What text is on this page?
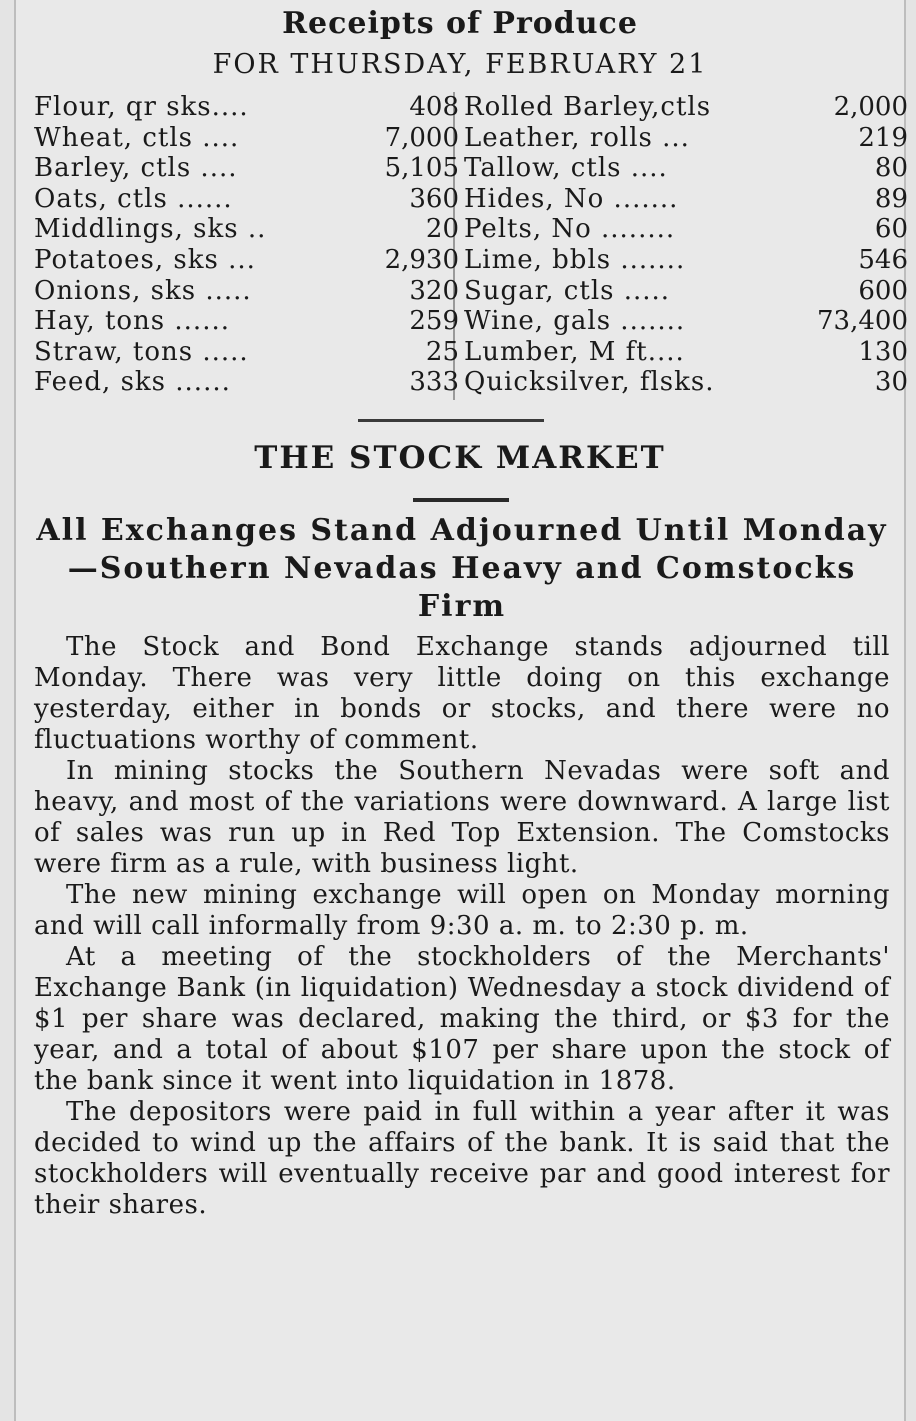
Receipts of Produce
FOR THURSDAY, FEBRUARY 21
Flour, qr sks....	408
Wheat, ctls ....	7,000
Barley, ctls ....	5,105
Oats, ctls ......	360
Middlings, sks ..	20
Potatoes, sks ...	2,930
Onions, sks .....	320
Hay, tons ......	259
Straw, tons .....	25
Feed, sks ......	333
Rolled Barley,ctls	2,000
Leather, rolls ...	219
Tallow, ctls ....	80
Hides, No .......	89
Pelts, No ........	60
Lime, bbls .......	546
Sugar, ctls .....	600
Wine, gals .......	73,400
Lumber, M ft....	130
Quicksilver, flsks.	30
THE STOCK MARKET
All Exchanges Stand Adjourned Until Monday—Southern Nevadas Heavy and Comstocks Firm

The Stock and Bond Exchange stands adjourned till Monday. There was very little doing on this exchange yesterday, either in bonds or stocks, and there were no fluctuations worthy of comment.

In mining stocks the Southern Nevadas were soft and heavy, and most of the variations were downward. A large list of sales was run up in Red Top Extension. The Comstocks were firm as a rule, with business light.

The new mining exchange will open on Monday morning and will call informally from 9:30 a. m. to 2:30 p. m.

At a meeting of the stockholders of the Merchants' Exchange Bank (in liquidation) Wednesday a stock dividend of $1 per share was declared, making the third, or $3 for the year, and a total of about $107 per share upon the stock of the bank since it went into liquidation in 1878.

The depositors were paid in full within a year after it was decided to wind up the affairs of the bank. It is said that the stockholders will eventually receive par and good interest for their shares.
